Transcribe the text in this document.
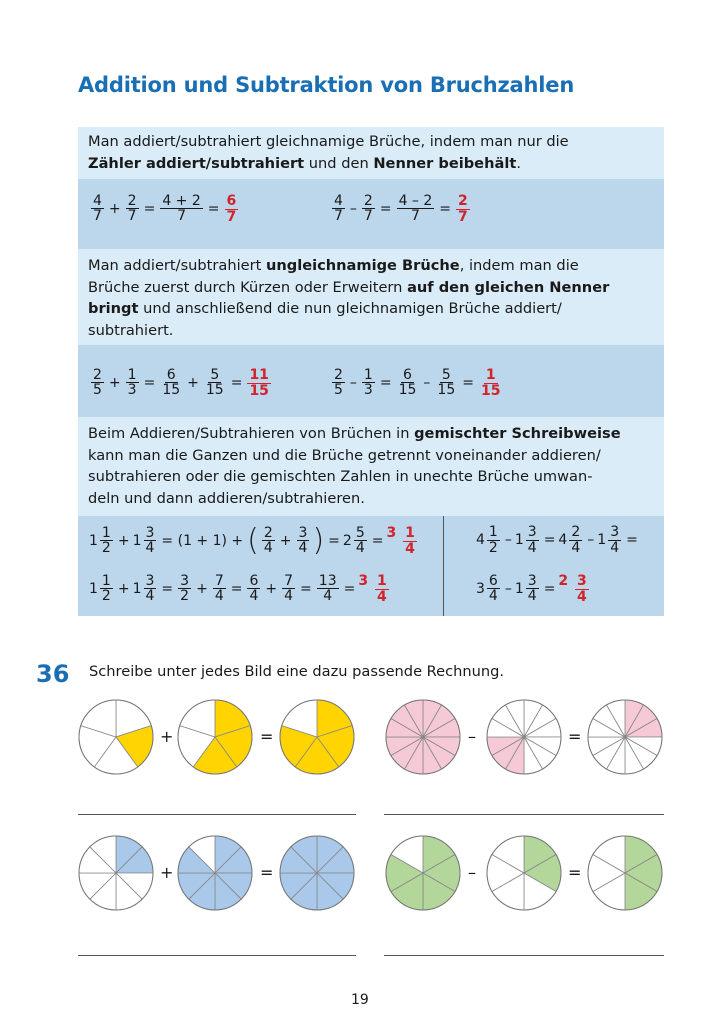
Addition und Subtraktion von Bruchzahlen
Man addiert/subtrahiert gleichnamige Brüche, indem man nur die
Zähler addiert/subtrahiert und den Nenner beibehält.
$\frac{4}{7} + \frac{2}{7} = \frac{4 + 2}{7} = \frac{6}{7}$	$\frac{4}{7} - \frac{2}{7} = \frac{4 - 2}{7} = \frac{2}{7}$
Man addiert/subtrahiert ungleichnamige Brüche, indem man die
Brüche zuerst durch Kürzen oder Erweitern auf den gleichen Nenner
bringt und anschließend die nun gleichnamigen Brüche addiert/
subtrahiert.
$\frac{2}{5} + \frac{1}{3} = \frac{6}{15} + \frac{5}{15} = \frac{11}{15}$	$\frac{2}{5} - \frac{1}{3} = \frac{6}{15} - \frac{5}{15} = \frac{1}{15}$
Beim Addieren/Subtrahieren von Brüchen in gemischter Schreibweise
kann man die Ganzen und die Brüche getrennt voneinander addieren/
subtrahieren oder die gemischten Zahlen in unechte Brüche umwan-
deln und dann addieren/subtrahieren.
$1 \frac{1}{2} + 1 \frac{3}{4} = (1 + 1)$ + ( $\frac{2}{4} + \frac{3}{4}$ ) = $2 \frac{5}{4} = 3 \frac{1}{4}$
$1 \frac{1}{2} + 1 \frac{3}{4} = \frac{3}{2} + \frac{7}{4} = \frac{6}{4} + \frac{7}{4} = \frac{13}{4} = 3 \frac{1}{4}$
$4 \frac{1}{2} - 1 \frac{3}{4} = 4 \frac{2}{4} - 1 \frac{3}{4}$ =
$3 \frac{6}{4} - 1 \frac{3}{4} = 2 \frac{3}{4}$
36 Schreibe unter jedes Bild eine dazu passende Rechnung.
+	=	–	=
+	=	–	=
19
